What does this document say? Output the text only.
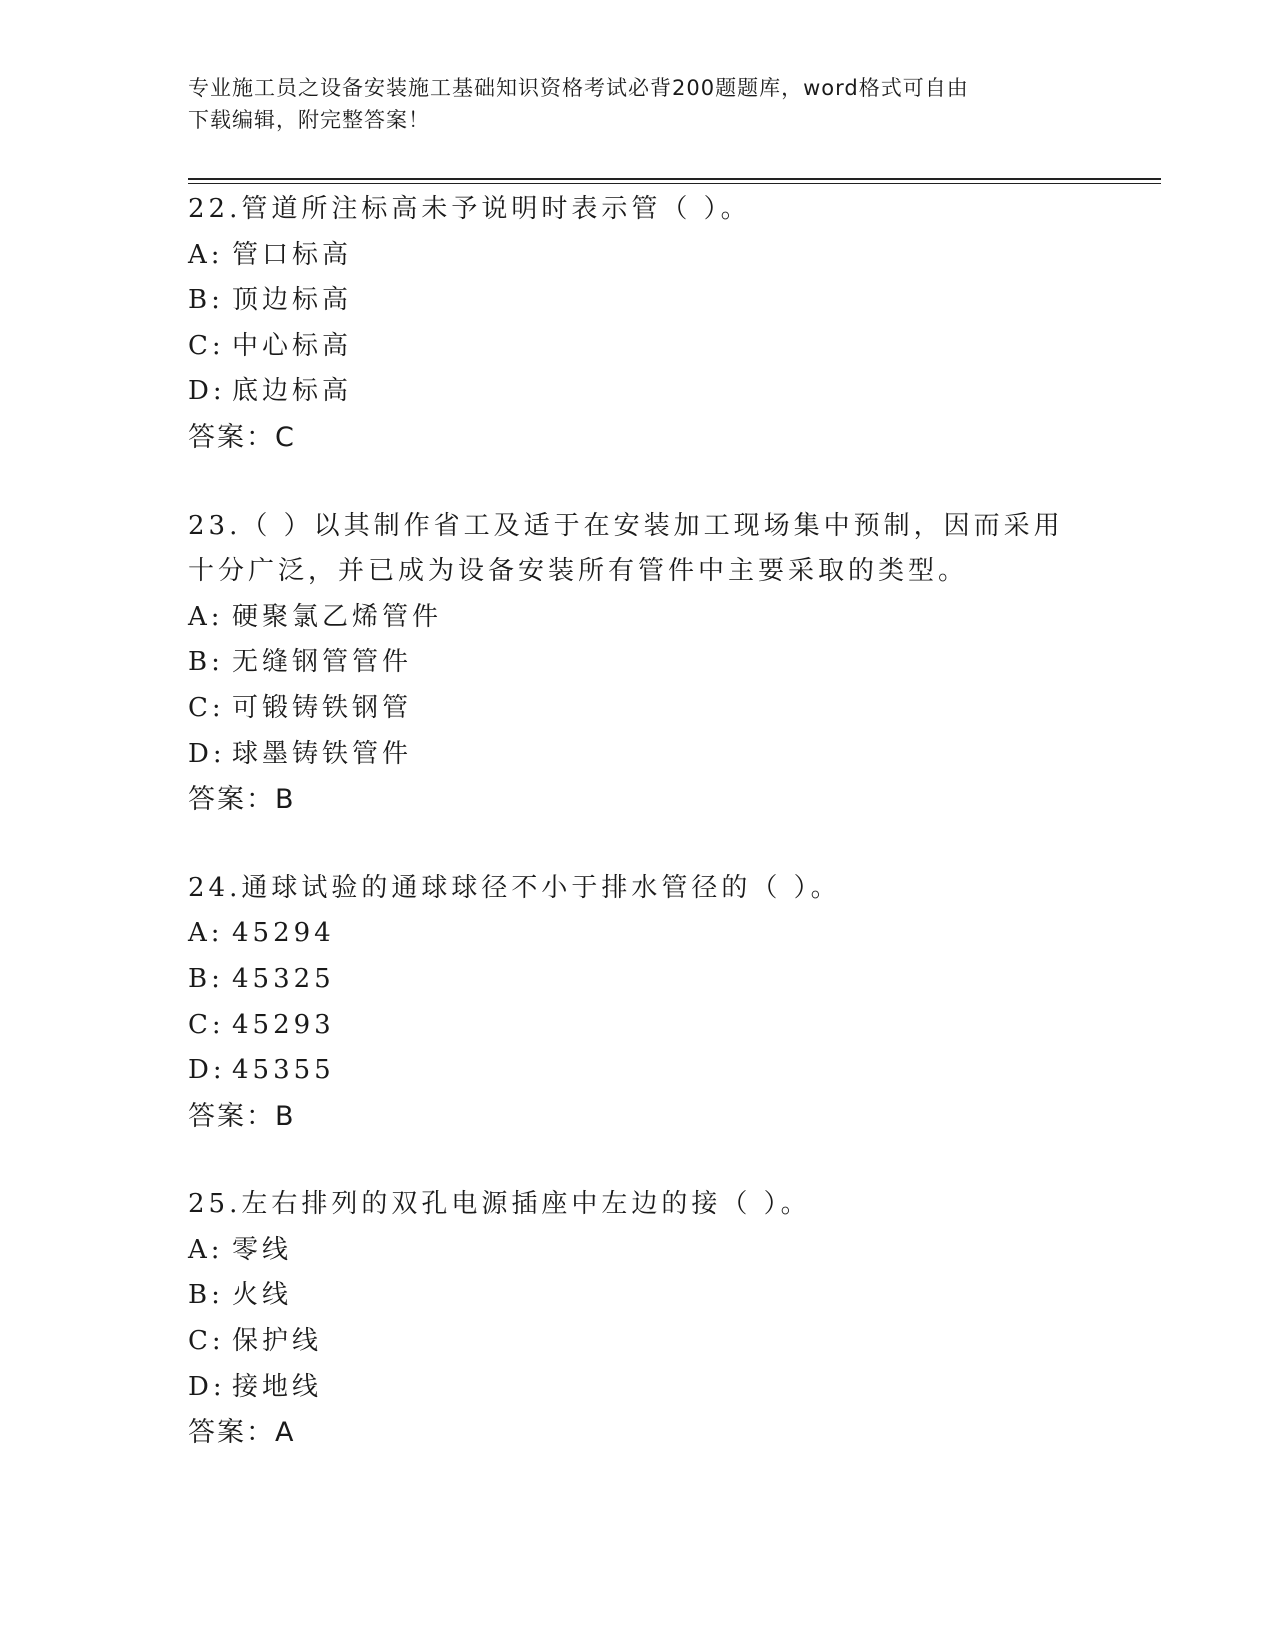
专业施工员之设备安装施工基础知识资格考试必背200题题库，word格式可自由
下载编辑，附完整答案！

22.管道所注标高未予说明时表示管（ ）。

A: 管口标高
B: 顶边标高
C: 中心标高
D: 底边标高
答案：C

23.（ ）以其制作省工及适于在安装加工现场集中预制，因而采用十分广泛，并已成为设备安装所有管件中主要采取的类型。

A: 硬聚氯乙烯管件
B: 无缝钢管管件
C: 可锻铸铁钢管
D: 球墨铸铁管件
答案：B

24.通球试验的通球球径不小于排水管径的（ ）。

A: 45294
B: 45325
C: 45293
D: 45355
答案：B

25.左右排列的双孔电源插座中左边的接（ ）。

A: 零线
B: 火线
C: 保护线
D: 接地线
答案：A
